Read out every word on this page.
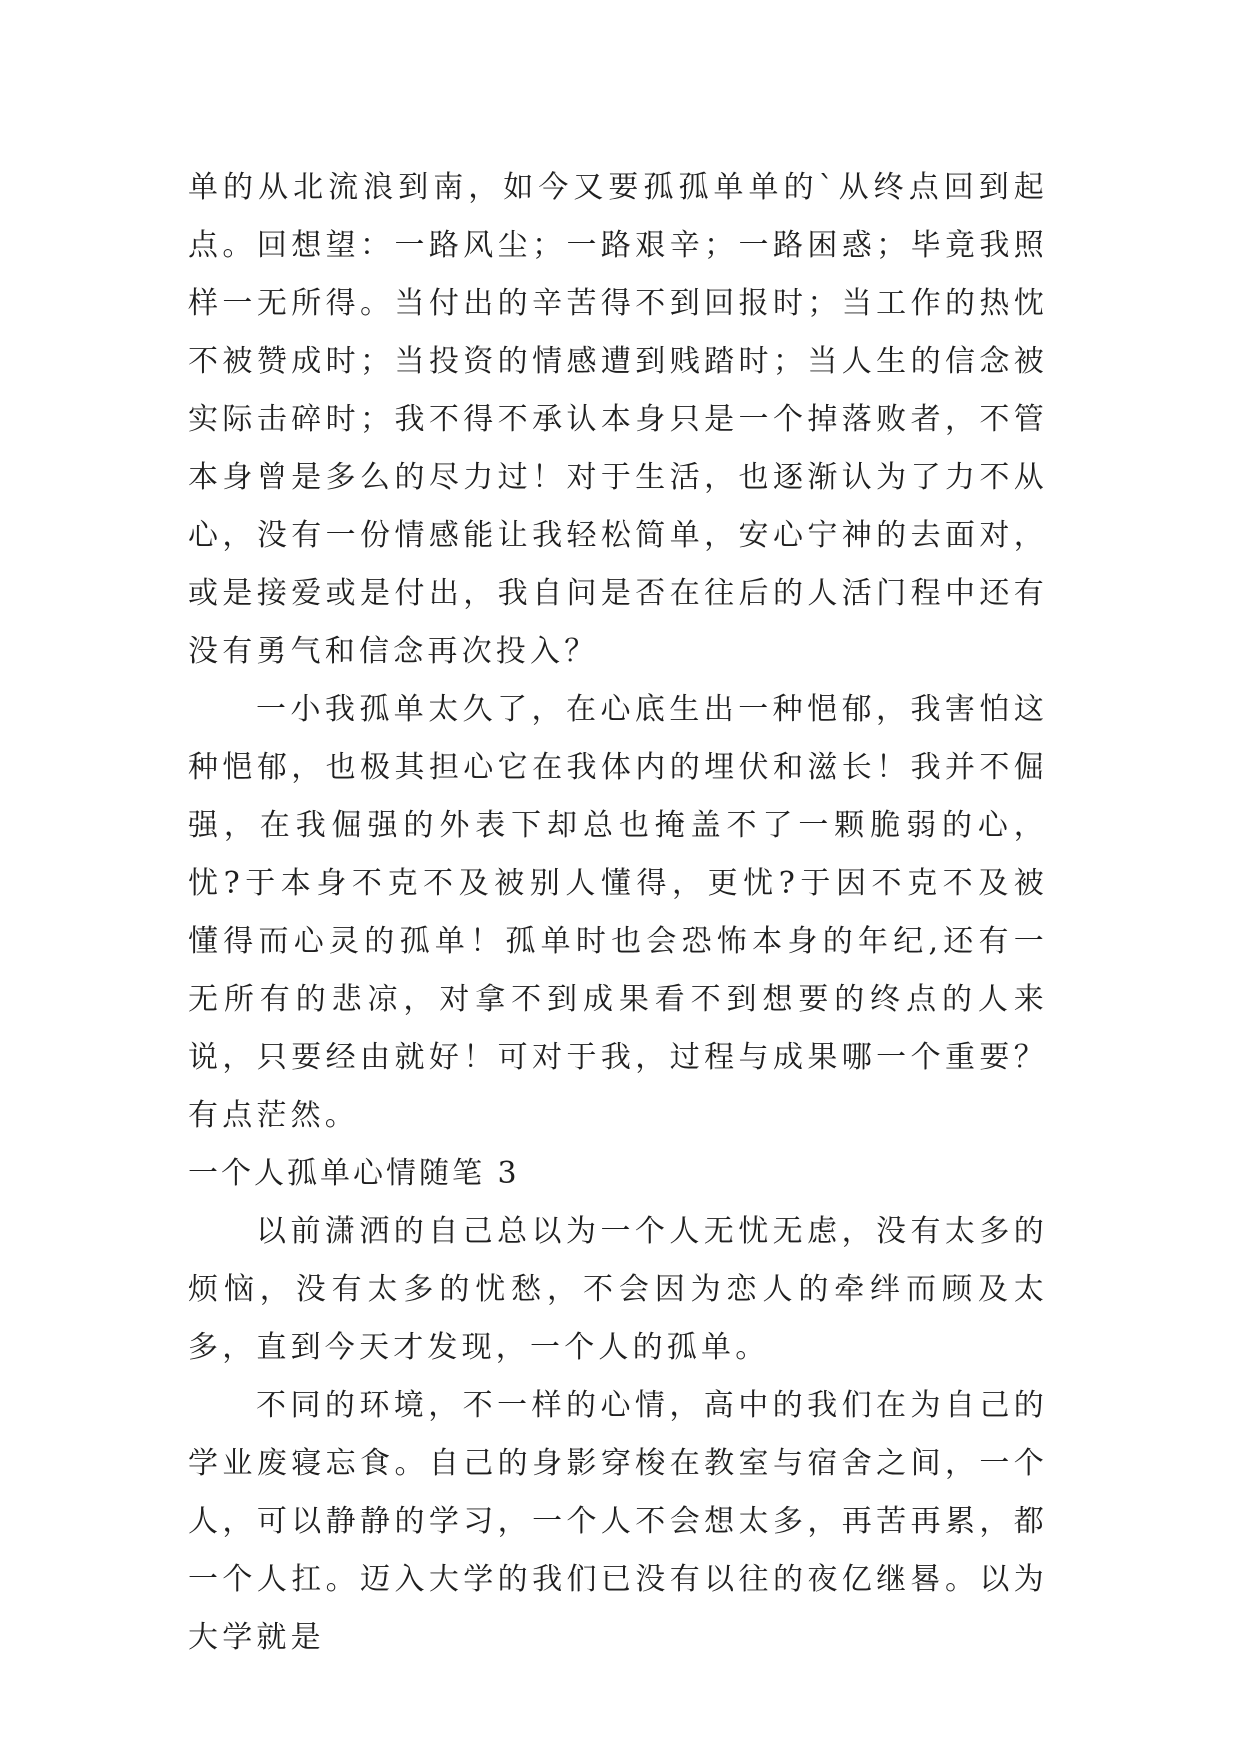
单的从北流浪到南，如今又要孤孤单单的`从终点回到起点。回想望：一路风尘；一路艰辛；一路困惑；毕竟我照样一无所得。当付出的辛苦得不到回报时；当工作的热忱不被赞成时；当投资的情感遭到贱踏时；当人生的信念被实际击碎时；我不得不承认本身只是一个掉落败者，不管本身曾是多么的尽力过！对于生活，也逐渐认为了力不从心，没有一份情感能让我轻松简单，安心宁神的去面对，或是接爱或是付出，我自问是否在往后的人活门程中还有没有勇气和信念再次投入？

一小我孤单太久了，在心底生出一种悒郁，我害怕这种悒郁，也极其担心它在我体内的埋伏和滋长！我并不倔强，在我倔强的外表下却总也掩盖不了一颗脆弱的心，忧?于本身不克不及被别人懂得，更忧?于因不克不及被懂得而心灵的孤单！孤单时也会恐怖本身的年纪,还有一无所有的悲凉，对拿不到成果看不到想要的终点的人来说，只要经由就好！可对于我，过程与成果哪一个重要？有点茫然。

一个人孤单心情随笔 3

以前潇洒的自己总以为一个人无忧无虑，没有太多的烦恼，没有太多的忧愁，不会因为恋人的牵绊而顾及太多，直到今天才发现，一个人的孤单。

不同的环境，不一样的心情，高中的我们在为自己的学业废寝忘食。自己的身影穿梭在教室与宿舍之间，一个人，可以静静的学习，一个人不会想太多，再苦再累，都一个人扛。迈入大学的我们已没有以往的夜亿继晷。以为大学就是
